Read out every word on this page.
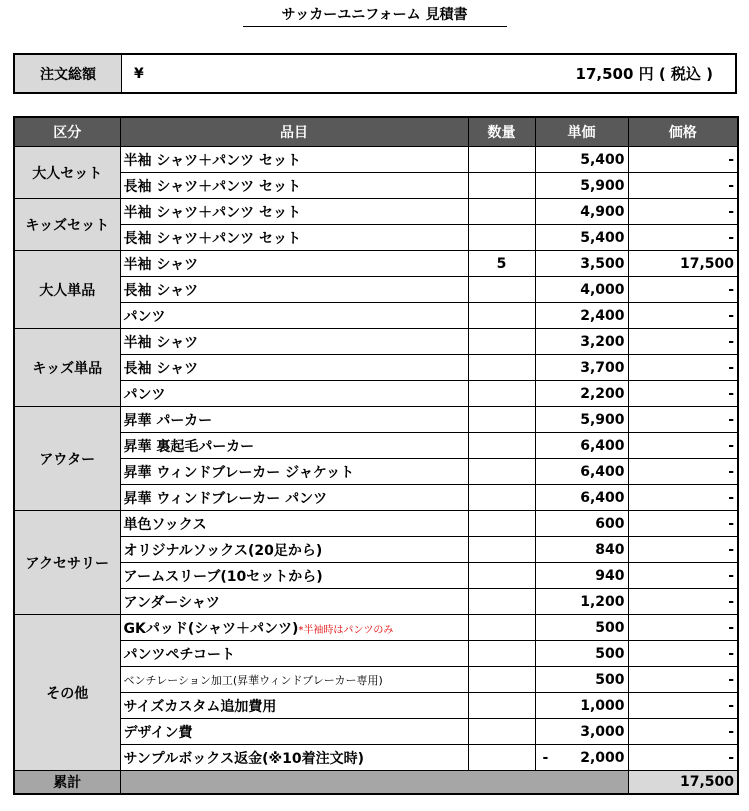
サッカーユニフォーム 見積書
注文総額	¥	17,500 円 ( 税込 )
区分	品目	数量	単価	価格
大人セット	半袖 シャツ＋パンツ セット		5,400	-
	長袖 シャツ＋パンツ セット		5,900	-
キッズセット	半袖 シャツ＋パンツ セット		4,900	-
	長袖 シャツ＋パンツ セット		5,400	-
大人単品	半袖 シャツ	5	3,500	17,500
	長袖 シャツ		4,000	-
	パンツ		2,400	-
キッズ単品	半袖 シャツ		3,200	-
	長袖 シャツ		3,700	-
	パンツ		2,200	-
アウター	昇華 パーカー		5,900	-
	昇華 裏起毛パーカー		6,400	-
	昇華 ウィンドブレーカー ジャケット		6,400	-
	昇華 ウィンドブレーカー パンツ		6,400	-
アクセサリー	単色ソックス		600	-
	オリジナルソックス(20足から)		840	-
	アームスリーブ(10セットから)		940	-
	アンダーシャツ		1,200	-
その他	GKパッド(シャツ＋パンツ)*半袖時はパンツのみ		500	-
	パンツペチコート		500	-
	ベンチレーション加工(昇華ウィンドブレーカー専用)		500	-
	サイズカスタム追加費用		1,000	-
	デザイン費		3,000	-
	サンプルボックス返金(※10着注文時)		- 2,000	-
累計				17,500
